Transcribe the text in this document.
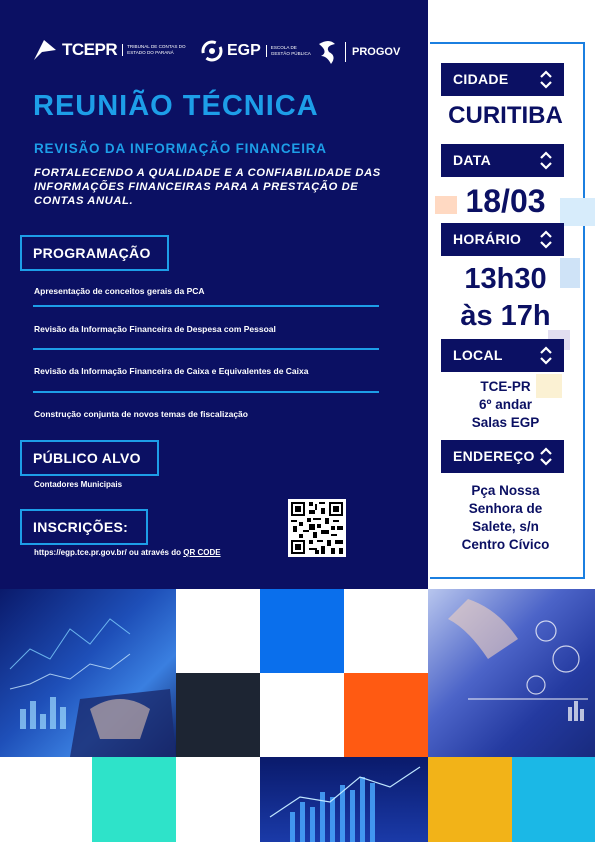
TCEPR	TRIBUNAL DE CONTAS DO ESTADO DO PARANÁ	EGP	ESCOLA DE GESTÃO PÚBLICA	PROGOV
REUNIÃO TÉCNICA
REVISÃO DA INFORMAÇÃO FINANCEIRA
FORTALECENDO A QUALIDADE E A CONFIABILIDADE DAS INFORMAÇÕES FINANCEIRAS PARA A PRESTAÇÃO DE CONTAS ANUAL.
PROGRAMAÇÃO
Apresentação de conceitos gerais da PCA
Revisão da Informação Financeira de Despesa com Pessoal
Revisão da Informação Financeira de Caixa e Equivalentes de Caixa
Construção conjunta de novos temas de fiscalização
PÚBLICO ALVO
Contadores Municipais
INSCRIÇÕES:
https://egp.tce.pr.gov.br/ ou através do QR CODE
CIDADE
CURITIBA
DATA
18/03
HORÁRIO
13h30
às 17h
LOCAL
TCE-PR
6º andar
Salas EGP
ENDEREÇO
Pça Nossa
Senhora de
Salete, s/n
Centro Cívico
